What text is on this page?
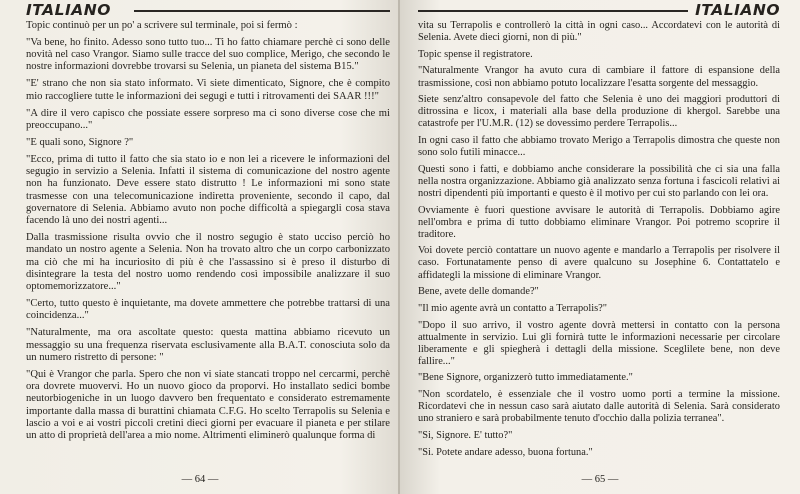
ITALIANO

Topic continuò per un po' a scrivere sul terminale, poi si fermò :

"Va bene, ho finito. Adesso sono tutto tuo... Ti ho fatto chiamare perchè ci sono delle novità nel caso Vrangor. Siamo sulle tracce del suo complice, Merigo, che secondo le nostre informazioni dovrebbe trovarsi su Selenia, un pianeta del sistema B15."

"E' strano che non sia stato informato. Vi siete dimenticato, Signore, che è compito mio raccogliere tutte le informazioni dei segugi e tutti i ritrovamenti dei SAAR !!!"

"A dire il vero capisco che possiate essere sorpreso ma ci sono diverse cose che mi preoccupano..."

"E quali sono, Signore ?"

"Ecco, prima di tutto il fatto che sia stato io e non lei a ricevere le informazioni del segugio in servizio a Selenia. Infatti il sistema di comunicazione del nostro agente non ha funzionato. Deve essere stato distrutto ! Le informazioni mi sono state trasmesse con una telecomunicazione indiretta proveniente, secondo il capo, dal governatore di Selenia. Abbiamo avuto non poche difficoltà a spiegargli cosa stava facendo là uno dei nostri agenti...

Dalla trasmissione risulta ovvio che il nostro segugio è stato ucciso perciò ho mandato un nostro agente a Selenia. Non ha trovato altro che un corpo carbonizzato ma ciò che mi ha incuriosito di più è che l'assassino si è preso il disturbo di disintegrare la testa del nostro uomo rendendo così impossibile analizzare il suo optomemorizzatore..."

"Certo, tutto questo è inquietante, ma dovete ammettere che potrebbe trattarsi di una coincidenza..."

"Naturalmente, ma ora ascoltate questo: questa mattina abbiamo ricevuto un messaggio su una frequenza riservata esclusivamente alla B.A.T. conosciuta solo da un numero ristretto di persone: "

"Qui è Vrangor che parla. Spero che non vi siate stancati troppo nel cercarmi, perchè ora dovrete muovervi. Ho un nuovo gioco da proporvi. Ho installato sedici bombe neutorbiogeniche in un luogo davvero ben frequentato e considerato estremamente importante dalla massa di burattini chiamata C.F.G. Ho scelto Terrapolis su Selenia e lascio a voi e ai vostri piccoli cretini dieci giorni per evacuare il pianeta e per stilare un atto di proprietà dell'area a mio nome. Altrimenti eliminerò qualunque forma di

— 64 —
ITALIANO

vita su Terrapolis e controllerò la città in ogni caso... Accordatevi con le autorità di Selenia. Avete dieci giorni, non di più."

Topic spense il registratore.

"Naturalmente Vrangor ha avuto cura di cambiare il fattore di espansione della trasmissione, così non abbiamo potuto localizzare l'esatta sorgente del messaggio.

Siete senz'altro consapevole del fatto che Selenia è uno dei maggiori produttori di ditrossina e licox, i materiali alla base della produzione di khergol. Sarebbe una catastrofe per l'U.M.R. (12) se dovessimo perdere Terrapolis...

In ogni caso il fatto che abbiamo trovato Merigo a Terrapolis dimostra che queste non sono solo futili minacce...

Questi sono i fatti, e dobbiamo anche considerare la possibilità che ci sia una falla nella nostra organizzazione. Abbiamo già analizzato senza fortuna i fascicoli relativi ai nostri dipendenti più importanti e questo è il motivo per cui sto parlando con lei ora.

Ovviamente è fuori questione avvisare le autorità di Terrapolis. Dobbiamo agire nell'ombra e prima di tutto dobbiamo eliminare Vrangor. Poi potremo scoprire il traditore.

Voi dovete perciò contattare un nuovo agente e mandarlo a Terrapolis per risolvere il caso. Fortunatamente penso di avere qualcuno su Josephine 6. Contattatelo e affidategli la missione di eliminare Vrangor.

Bene, avete delle domande?"

"Il mio agente avrà un contatto a Terrapolis?"

"Dopo il suo arrivo, il vostro agente dovrà mettersi in contatto con la persona attualmente in servizio. Lui gli fornirà tutte le informazioni necessarie per circolare liberamente e gli spiegherà i dettagli della missione. Sceglilete bene, non deve fallire..."

"Bene Signore, organizzerò tutto immediatamente."

"Non scordatelo, è essenziale che il vostro uomo porti a termine la missione. Ricordatevi che in nessun caso sarà aiutato dalle autorità di Selenia. Sarà considerato uno straniero e sarà probabilmente tenuto d'occhio dalla polizia terranea".

"Si, Signore. E' tutto?"

"Si. Potete andare adesso, buona fortuna."

— 65 —
